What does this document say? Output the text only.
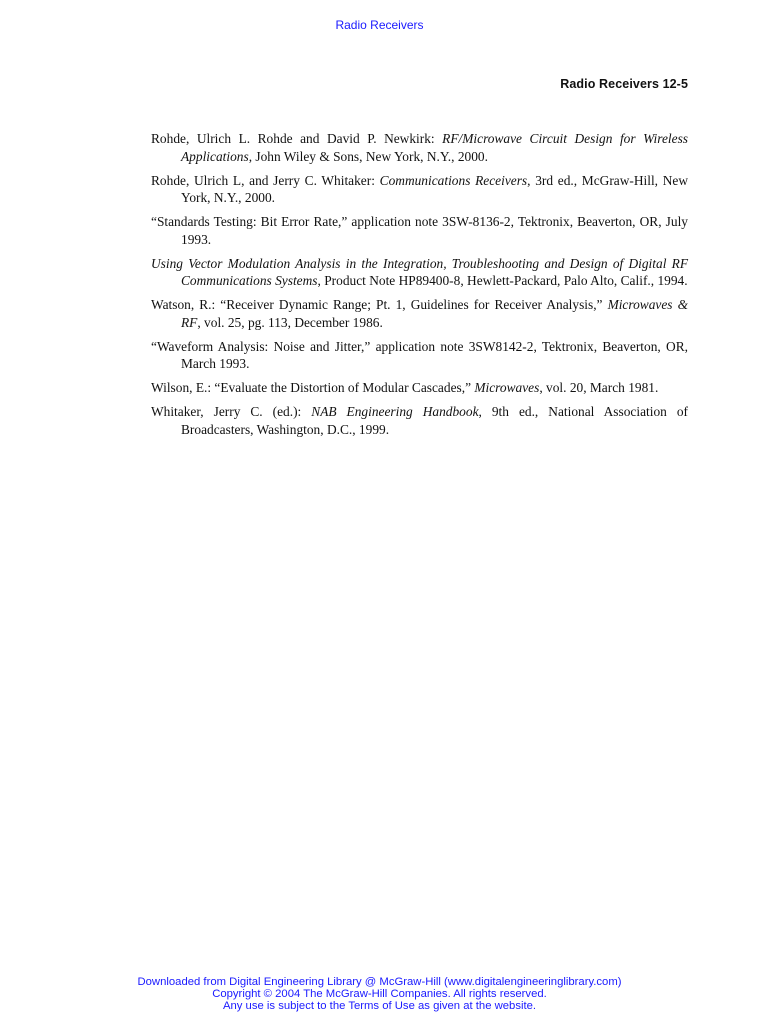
Radio Receivers
Radio Receivers 12-5

Rohde, Ulrich L. Rohde and David P. Newkirk: RF/Microwave Circuit Design for Wireless Applications, John Wiley & Sons, New York, N.Y., 2000.

Rohde, Ulrich L, and Jerry C. Whitaker: Communications Receivers, 3rd ed., McGraw-Hill, New York, N.Y., 2000.

“Standards Testing: Bit Error Rate,” application note 3SW-8136-2, Tektronix, Beaverton, OR, July 1993.

Using Vector Modulation Analysis in the Integration, Troubleshooting and Design of Digital RF Communications Systems, Product Note HP89400-8, Hewlett-Packard, Palo Alto, Calif., 1994.

Watson, R.: “Receiver Dynamic Range; Pt. 1, Guidelines for Receiver Analysis,” Microwaves & RF, vol. 25, pg. 113, December 1986.

“Waveform Analysis: Noise and Jitter,” application note 3SW8142-2, Tektronix, Beaverton, OR, March 1993.

Wilson, E.: “Evaluate the Distortion of Modular Cascades,” Microwaves, vol. 20, March 1981.

Whitaker, Jerry C. (ed.): NAB Engineering Handbook, 9th ed., National Association of Broadcasters, Washington, D.C., 1999.

Downloaded from Digital Engineering Library @ McGraw-Hill (www.digitalengineeringlibrary.com)
Copyright © 2004 The McGraw-Hill Companies. All rights reserved.
Any use is subject to the Terms of Use as given at the website.
